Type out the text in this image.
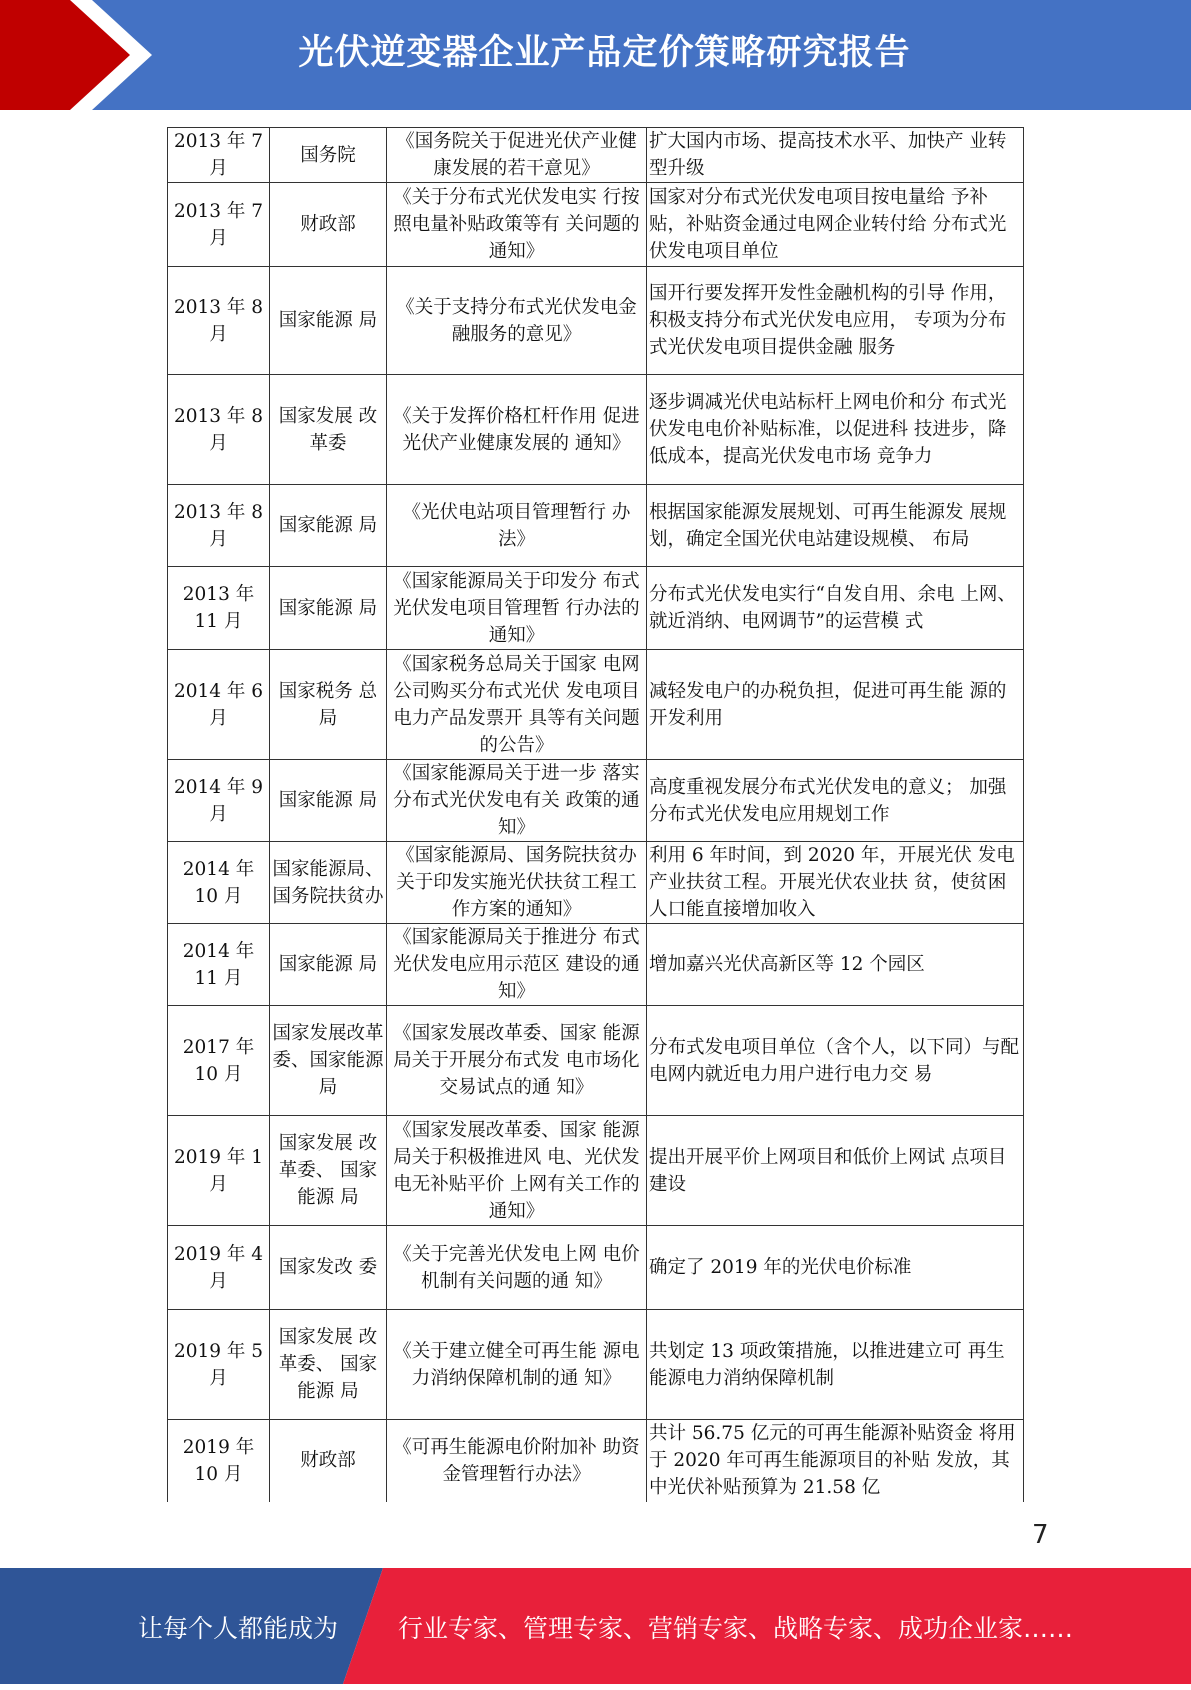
光伏逆变器企业产品定价策略研究报告
2013 年 7 月	国务院	《国务院关于促进光伏产业健康发展的若干意见》	扩大国内市场、提高技术水平、加快产 业转型升级
2013 年 7 月	财政部	《关于分布式光伏发电实 行按照电量补贴政策等有 关问题的通知》	国家对分布式光伏发电项目按电量给 予补贴，补贴资金通过电网企业转付给 分布式光伏发电项目单位
2013 年 8 月	国家能源 局	《关于支持分布式光伏发电金融服务的意见》	国开行要发挥开发性金融机构的引导 作用，积极支持分布式光伏发电应用， 专项为分布式光伏发电项目提供金融 服务
2013 年 8 月	国家发展 改革委	《关于发挥价格杠杆作用 促进光伏产业健康发展的 通知》	逐步调减光伏电站标杆上网电价和分 布式光伏发电电价补贴标准，以促进科 技进步，降低成本，提高光伏发电市场 竞争力
2013 年 8 月	国家能源 局	《光伏电站项目管理暂行 办法》	根据国家能源发展规划、可再生能源发 展规划，确定全国光伏电站建设规模、 布局
2013 年 11 月	国家能源 局	《国家能源局关于印发分 布式光伏发电项目管理暂 行办法的通知》	分布式光伏发电实行“自发自用、余电 上网、就近消纳、电网调节”的运营模 式
2014 年 6 月	国家税务 总局	《国家税务总局关于国家 电网公司购买分布式光伏 发电项目电力产品发票开 具等有关问题的公告》	减轻发电户的办税负担，促进可再生能 源的开发利用
2014 年 9 月	国家能源 局	《国家能源局关于进一步 落实分布式光伏发电有关 政策的通知》	高度重视发展分布式光伏发电的意义； 加强分布式光伏发电应用规划工作
2014 年 10 月	国家能源局、国务院扶贫办	《国家能源局、国务院扶贫办关于印发实施光伏扶贫工程工作方案的通知》	利用 6 年时间，到 2020 年，开展光伏 发电产业扶贫工程。开展光伏农业扶 贫，使贫困人口能直接增加收入
2014 年 11 月	国家能源 局	《国家能源局关于推进分 布式光伏发电应用示范区 建设的通知》	增加嘉兴光伏高新区等 12 个园区
2017 年 10 月	国家发展改革委、国家能源局	《国家发展改革委、国家 能源局关于开展分布式发 电市场化交易试点的通 知》	分布式发电项目单位（含个人，以下同）与配电网内就近电力用户进行电力交 易
2019 年 1 月	国家发展 改革委、 国家能源 局	《国家发展改革委、国家 能源局关于积极推进风 电、光伏发电无补贴平价 上网有关工作的通知》	提出开展平价上网项目和低价上网试 点项目建设
2019 年 4 月	国家发改 委	《关于完善光伏发电上网 电价机制有关问题的通 知》	确定了 2019 年的光伏电价标准
2019 年 5 月	国家发展 改革委、 国家能源 局	《关于建立健全可再生能 源电力消纳保障机制的通 知》	共划定 13 项政策措施，以推进建立可 再生能源电力消纳保障机制
2019 年 10 月	财政部	《可再生能源电价附加补 助资金管理暂行办法》	共计 56.75 亿元的可再生能源补贴资金 将用于 2020 年可再生能源项目的补贴 发放，其中光伏补贴预算为 21.58 亿
7
让每个人都能成为 行业专家、管理专家、营销专家、战略专家、成功企业家……
